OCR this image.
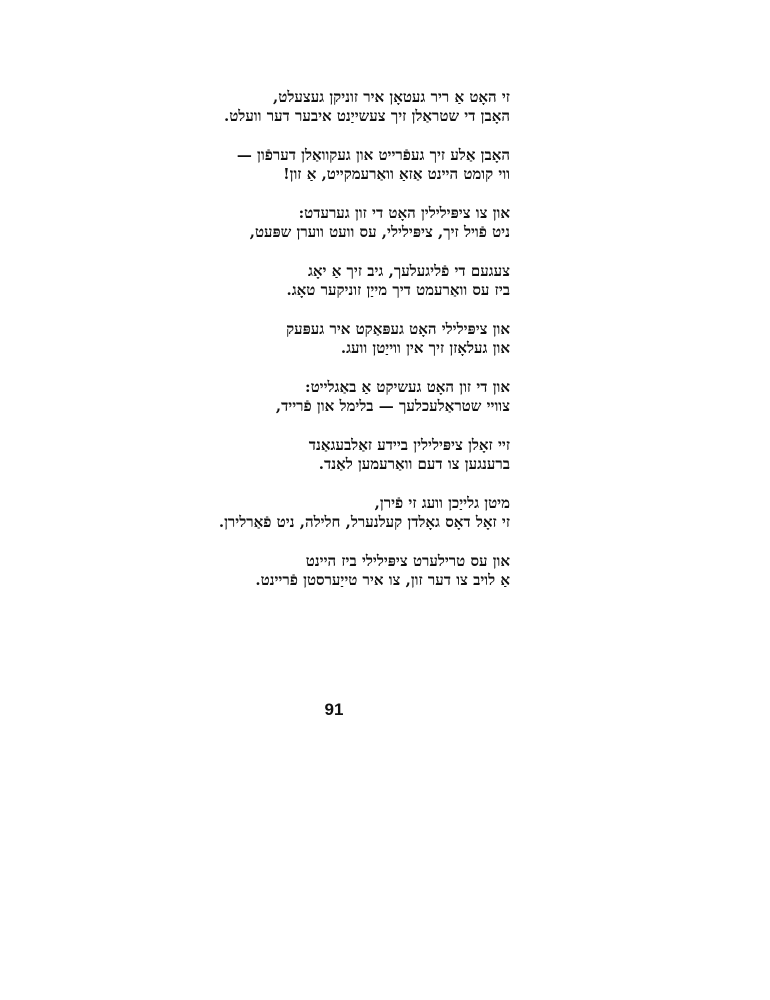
זי האָט אַ ריר געטאָן איר זוניקן געצעלט,
האָבן די שטראַלן זיך צעשייַנט איבער דער וועלט.
האָבן אַלע זיך געפֿרייט און געקוואַלן דערפֿון —
ווי קומט היינט אַזאַ וואַרעמקייט, אַ זון!
און צו ציפּילילין האָט די זון גערעדט:
ניט פֿויל זיך, ציפּילילי, עס וועט ווערן שפּעט,
צעגעם די פֿליגעלעך, גיב זיך אַ יאָג
ביז עס וואַרעמט דיך מייַן זוניקער טאָג.
און ציפּילילי האָט געפּאַקט איר געפּעק
און געלאָזן זיך אין ווייַטן וועג.
און די זון האָט געשיקט אַ באַגלייט:
צוויי שטראַלעכלעך — בלימל און פֿרייד,
זיי זאָלן ציפּילילין ביידע זאַלבעגאַנד
ברענגען צו דעם וואַרעמען לאַנד.
מיטן גלייַכן וועג זי פֿירן,
זי זאָל דאָס גאָלדן קעלנערל, חלילה, ניט פֿאַרלירן.
און עס טרילערט ציפּילילי ביז היינט
אַ לויב צו דער זון, צו איר טייַערסטן פֿריינט.
91
